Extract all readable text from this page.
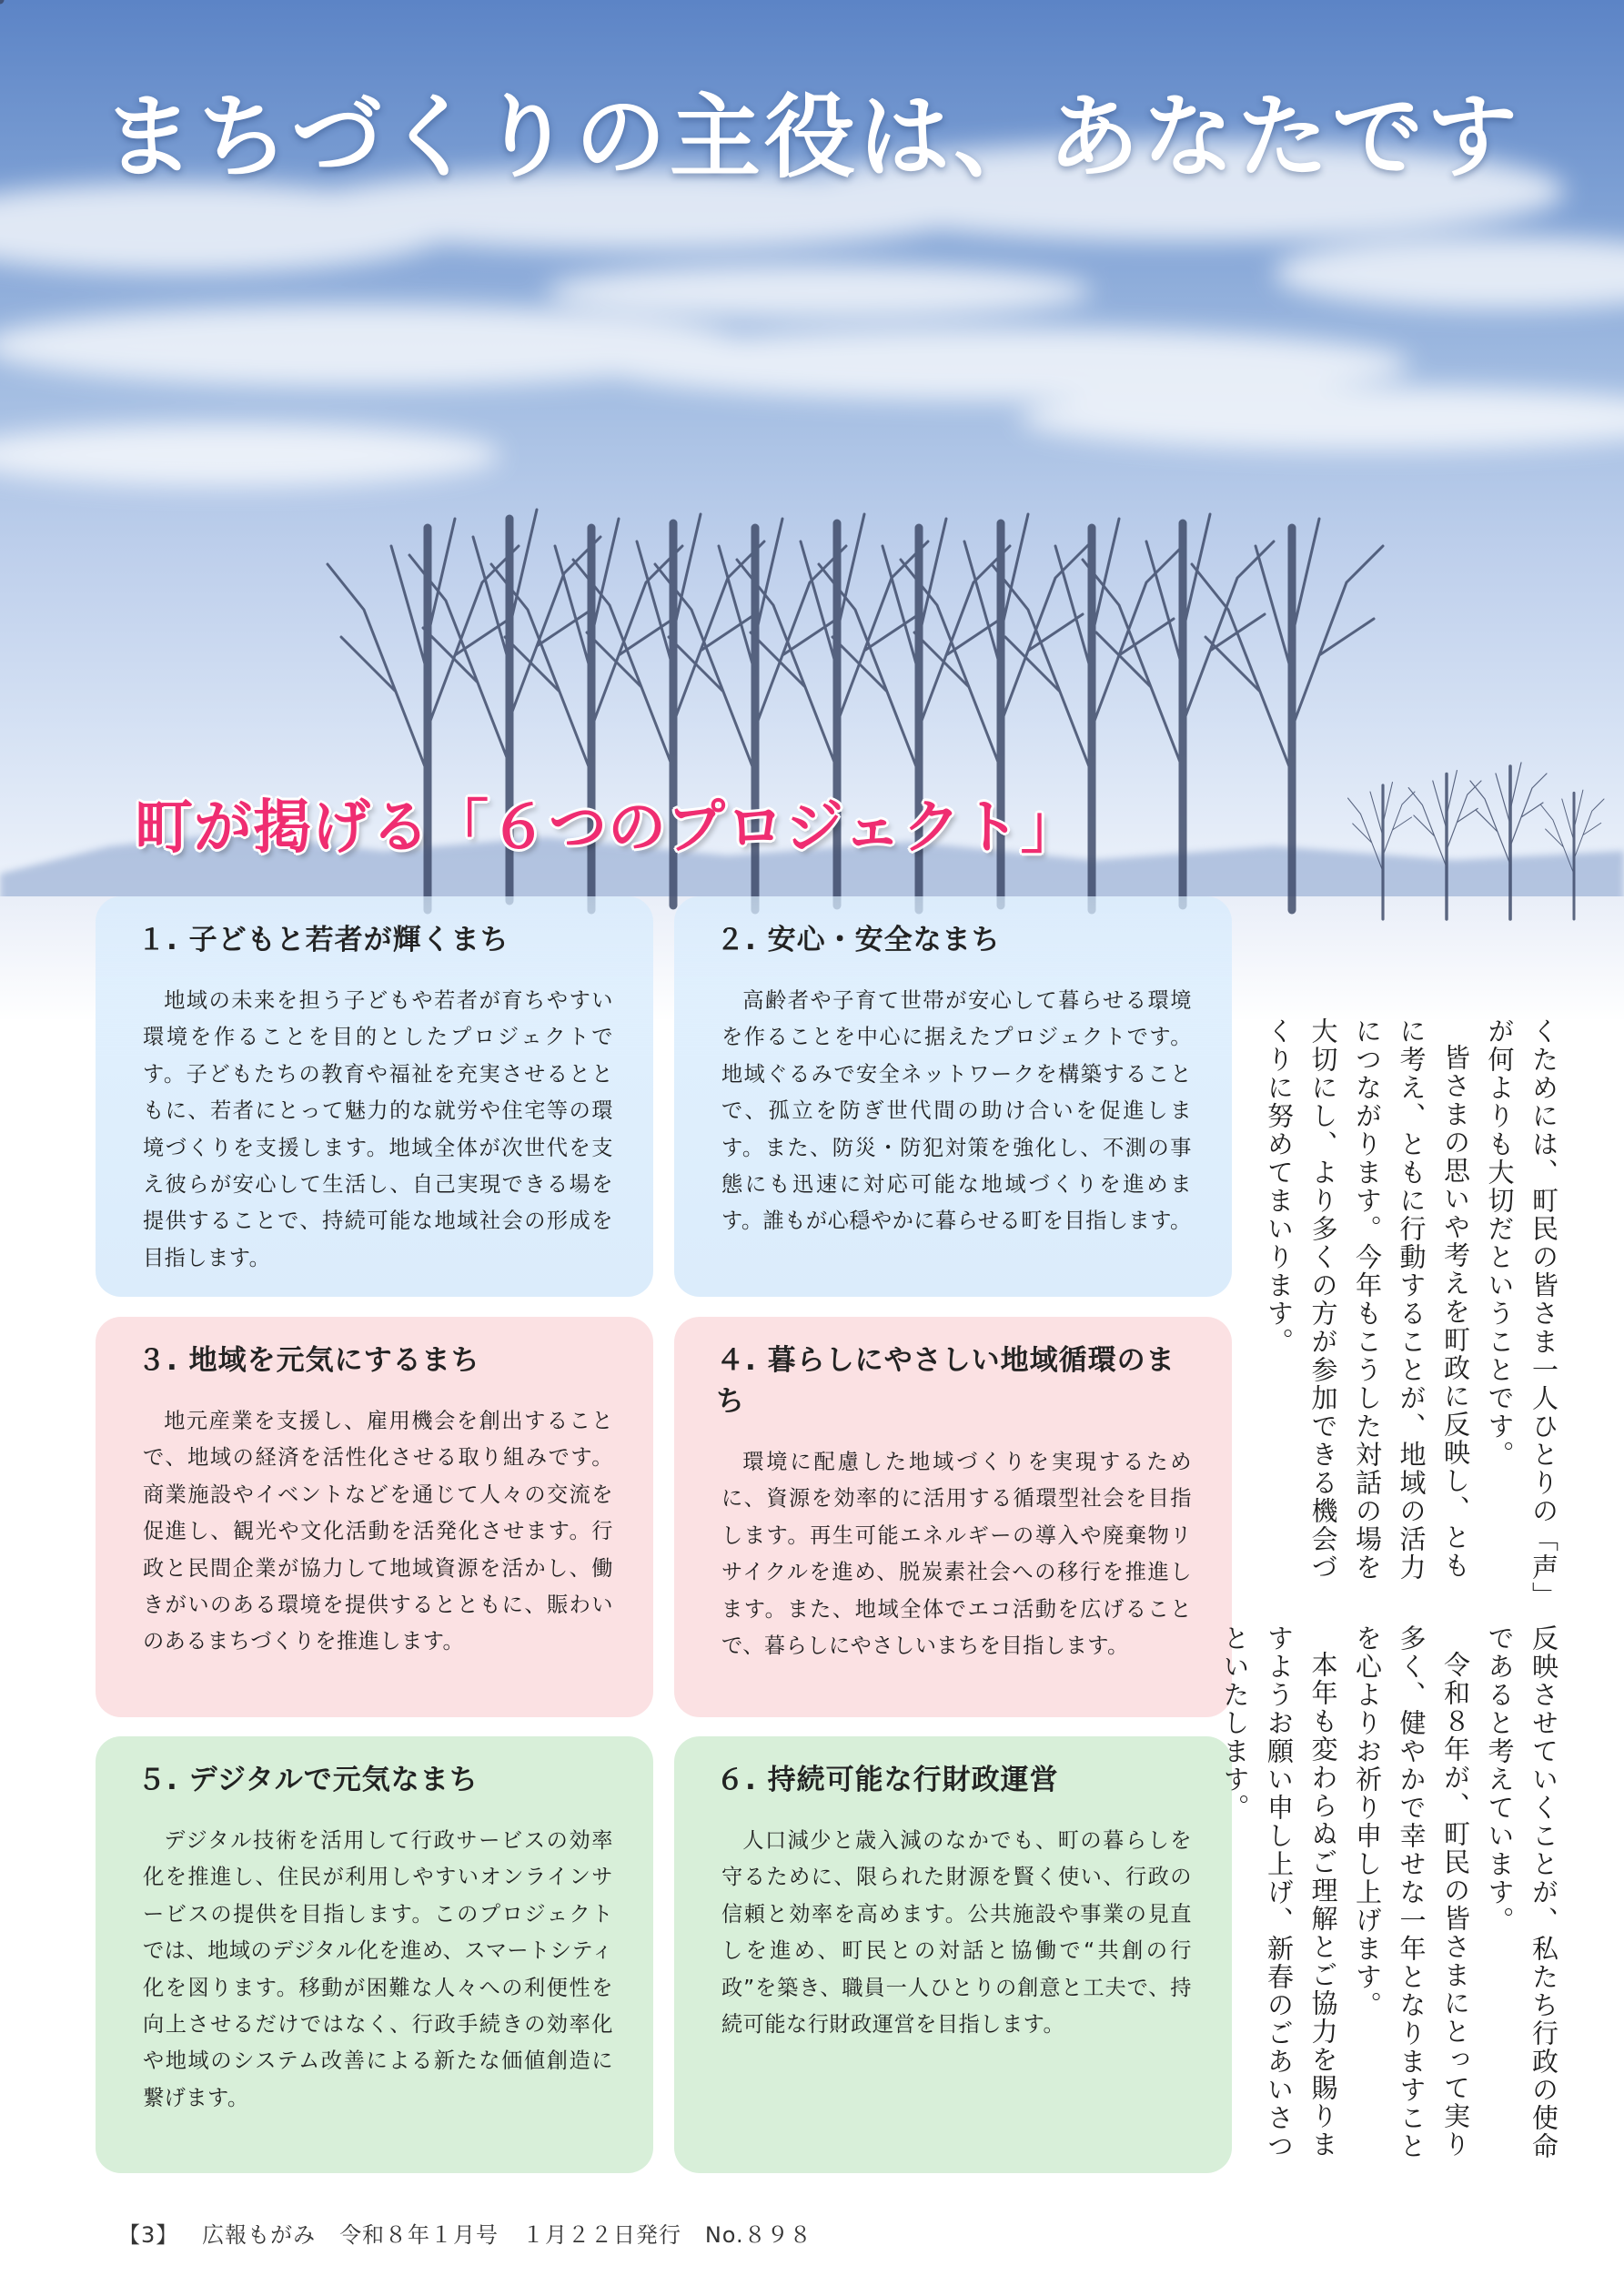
まちづくりの主役は、あなたです
町が掲げる「６つのプロジェクト」
１. 子どもと若者が輝くまち

地域の未来を担う子どもや若者が育ちやすい環境を作ることを目的としたプロジェクトです。子どもたちの教育や福祉を充実させるとともに、若者にとって魅力的な就労や住宅等の環境づくりを支援します。地域全体が次世代を支え彼らが安心して生活し、自己実現できる場を提供することで、持続可能な地域社会の形成を目指します。

２. 安心・安全なまち

高齢者や子育て世帯が安心して暮らせる環境を作ることを中心に据えたプロジェクトです。地域ぐるみで安全ネットワークを構築することで、孤立を防ぎ世代間の助け合いを促進します。また、防災・防犯対策を強化し、不測の事態にも迅速に対応可能な地域づくりを進めます。誰もが心穏やかに暮らせる町を目指します。

３. 地域を元気にするまち

地元産業を支援し、雇用機会を創出することで、地域の経済を活性化させる取り組みです。商業施設やイベントなどを通じて人々の交流を促進し、観光や文化活動を活発化させます。行政と民間企業が協力して地域資源を活かし、働きがいのある環境を提供するとともに、賑わいのあるまちづくりを推進します。

４. 暮らしにやさしい地域循環のまち

環境に配慮した地域づくりを実現するために、資源を効率的に活用する循環型社会を目指します。再生可能エネルギーの導入や廃棄物リサイクルを進め、脱炭素社会への移行を推進します。また、地域全体でエコ活動を広げることで、暮らしにやさしいまちを目指します。

５. デジタルで元気なまち

デジタル技術を活用して行政サービスの効率化を推進し、住民が利用しやすいオンラインサービスの提供を目指します。このプロジェクトでは、地域のデジタル化を進め、スマートシティ化を図ります。移動が困難な人々への利便性を向上させるだけではなく、行政手続きの効率化や地域のシステム改善による新たな価値創造に繋げます。

６. 持続可能な行財政運営

人口減少と歳入減のなかでも、町の暮らしを守るために、限られた財源を賢く使い、行政の信頼と効率を高めます。公共施設や事業の見直しを進め、町民との対話と協働で“共創の行政”を築き、職員一人ひとりの創意と工夫で、持続可能な行財政運営を目指します。

くためには、町民の皆さま一人ひとりの「声」が何よりも大切だということです。

皆さまの思いや考えを町政に反映し、ともに考え、ともに行動することが、地域の活力につながります。今年もこうした対話の場を大切にし、より多くの方が参加できる機会づくりに努めてまいります。

反映させていくことが、私たち行政の使命であると考えています。

令和８年が、町民の皆さまにとって実り多く、健やかで幸せな一年となりますことを心よりお祈り申し上げます。

本年も変わらぬご理解とご協力を賜りますようお願い申し上げ、新春のごあいさつといたします。

【3】 広報もがみ 令和８年１月号 １月２２日発行 No.８９８
